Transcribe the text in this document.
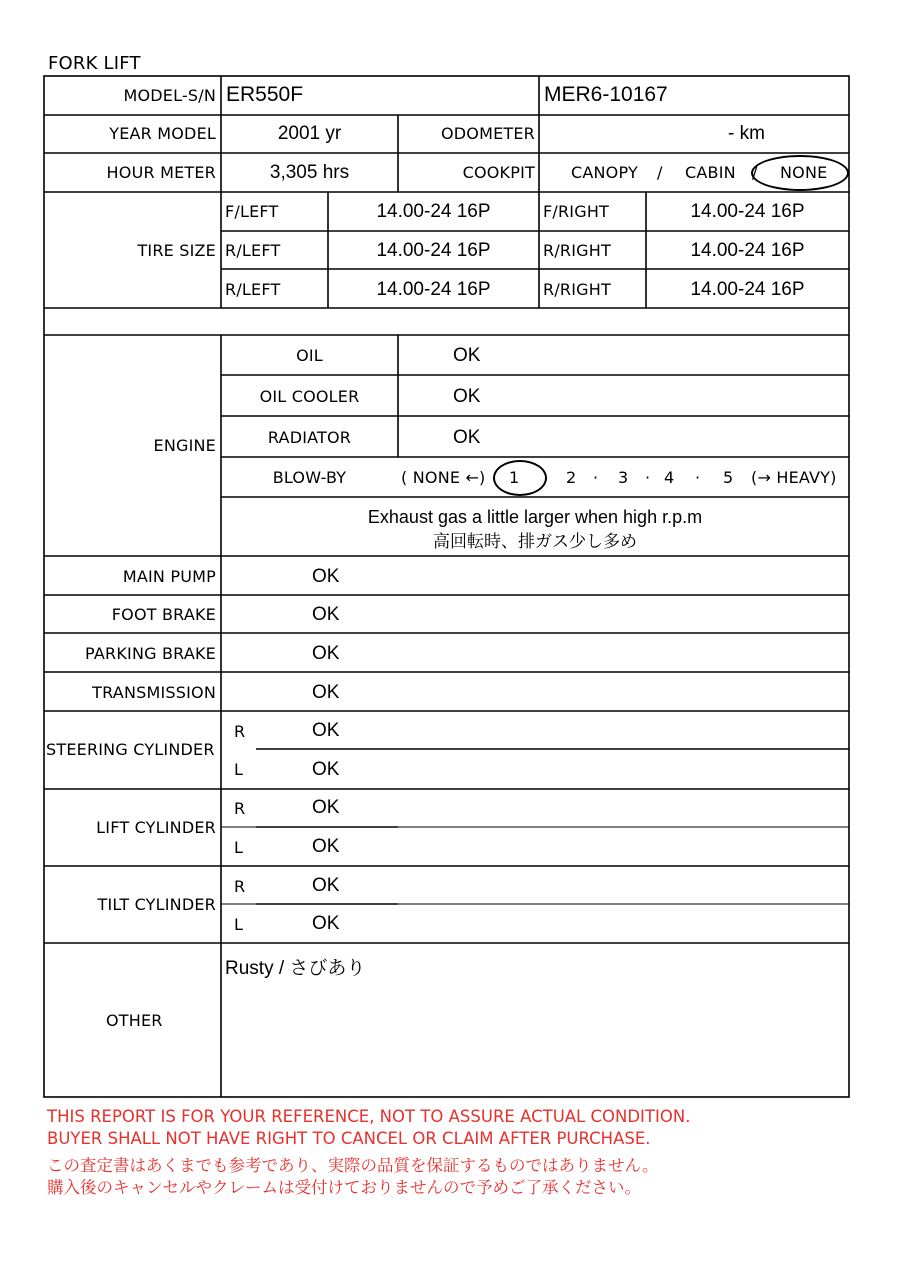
FORK LIFT
MODEL-S/N ER550F	MER6-10167
YEAR MODEL	2001 yr	ODOMETER	- km
HOUR METER	3,305 hrs	COOKPIT CANOPY / CABIN / NONE
TIRE SIZE
F/LEFT	14.00-24 16P	F/RIGHT	14.00-24 16P
R/LEFT	14.00-24 16P	R/RIGHT	14.00-24 16P
R/LEFT	14.00-24 16P	R/RIGHT	14.00-24 16P
ENGINE
OIL	OK
OIL COOLER	OK
RADIATOR	OK
BLOW-BY	( NONE ←) 1	2 · 3 · 4 · 5 (→ HEAVY)
Exhaust gas a little larger when high r.p.m
高回転時、排ガス少し多め
MAIN PUMP	OK
FOOT BRAKE	OK
PARKING BRAKE	OK
TRANSMISSION	OK
STEERING CYLINDER
R	OK
L	OK
LIFT CYLINDER
R	OK
L	OK
TILT CYLINDER
R	OK
L	OK
OTHER
Rusty / さびあり
THIS REPORT IS FOR YOUR REFERENCE, NOT TO ASSURE ACTUAL CONDITION.
BUYER SHALL NOT HAVE RIGHT TO CANCEL OR CLAIM AFTER PURCHASE.
この査定書はあくまでも参考であり、実際の品質を保証するものではありません。
購入後のキャンセルやクレームは受付けておりませんので予めご了承ください。
